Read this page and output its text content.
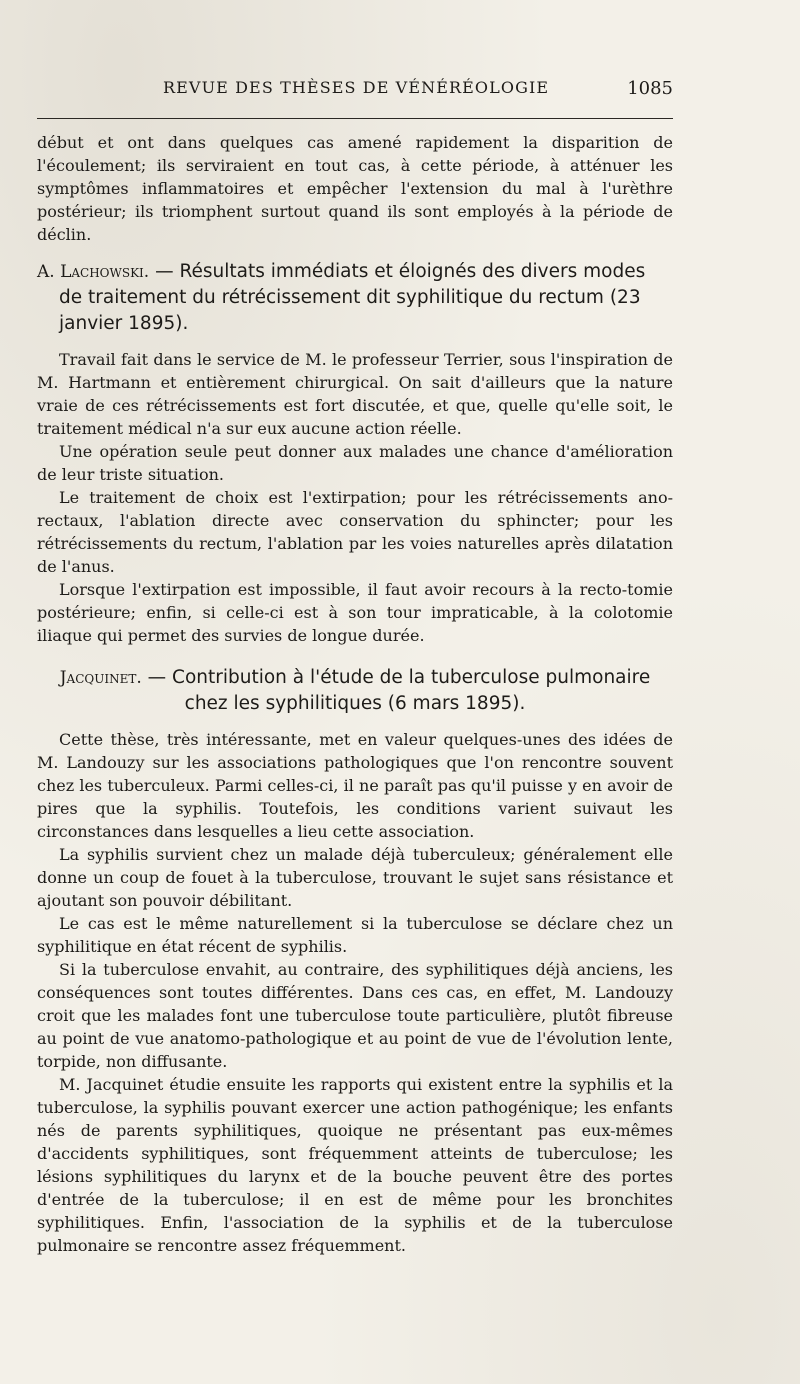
REVUE DES THÈSES DE VÉNÉRÉOLOGIE	1085

début et ont dans quelques cas amené rapidement la disparition de l'écoulement; ils serviraient en tout cas, à cette période, à atténuer les symptômes inflammatoires et empêcher l'extension du mal à l'urèthre postérieur; ils triomphent surtout quand ils sont employés à la période de déclin.

A. Lachowski. — Résultats immédiats et éloignés des divers modes de traitement du rétrécissement dit syphilitique du rectum (23 janvier 1895).

Travail fait dans le service de M. le professeur Terrier, sous l'inspiration de M. Hartmann et entièrement chirurgical. On sait d'ailleurs que la nature vraie de ces rétrécissements est fort discutée, et que, quelle qu'elle soit, le traitement médical n'a sur eux aucune action réelle.

Une opération seule peut donner aux malades une chance d'amélioration de leur triste situation.

Le traitement de choix est l'extirpation; pour les rétrécissements ano-rectaux, l'ablation directe avec conservation du sphincter; pour les rétrécissements du rectum, l'ablation par les voies naturelles après dilatation de l'anus.

Lorsque l'extirpation est impossible, il faut avoir recours à la recto-tomie postérieure; enfin, si celle-ci est à son tour impraticable, à la colotomie iliaque qui permet des survies de longue durée.

Jacquinet. — Contribution à l'étude de la tuberculose pulmonaire
chez les syphilitiques (6 mars 1895).

Cette thèse, très intéressante, met en valeur quelques-unes des idées de M. Landouzy sur les associations pathologiques que l'on rencontre souvent chez les tuberculeux. Parmi celles-ci, il ne paraît pas qu'il puisse y en avoir de pires que la syphilis. Toutefois, les conditions varient suivaut les circonstances dans lesquelles a lieu cette association.

La syphilis survient chez un malade déjà tuberculeux; généralement elle donne un coup de fouet à la tuberculose, trouvant le sujet sans résistance et ajoutant son pouvoir débilitant.

Le cas est le même naturellement si la tuberculose se déclare chez un syphilitique en état récent de syphilis.

Si la tuberculose envahit, au contraire, des syphilitiques déjà anciens, les conséquences sont toutes différentes. Dans ces cas, en effet, M. Landouzy croit que les malades font une tuberculose toute particulière, plutôt fibreuse au point de vue anatomo-pathologique et au point de vue de l'évolution lente, torpide, non diffusante.

M. Jacquinet étudie ensuite les rapports qui existent entre la syphilis et la tuberculose, la syphilis pouvant exercer une action pathogénique; les enfants nés de parents syphilitiques, quoique ne présentant pas eux-mêmes d'accidents syphilitiques, sont fréquemment atteints de tuberculose; les lésions syphilitiques du larynx et de la bouche peuvent être des portes d'entrée de la tuberculose; il en est de même pour les bronchites syphilitiques. Enfin, l'association de la syphilis et de la tuberculose pulmonaire se rencontre assez fréquemment.
